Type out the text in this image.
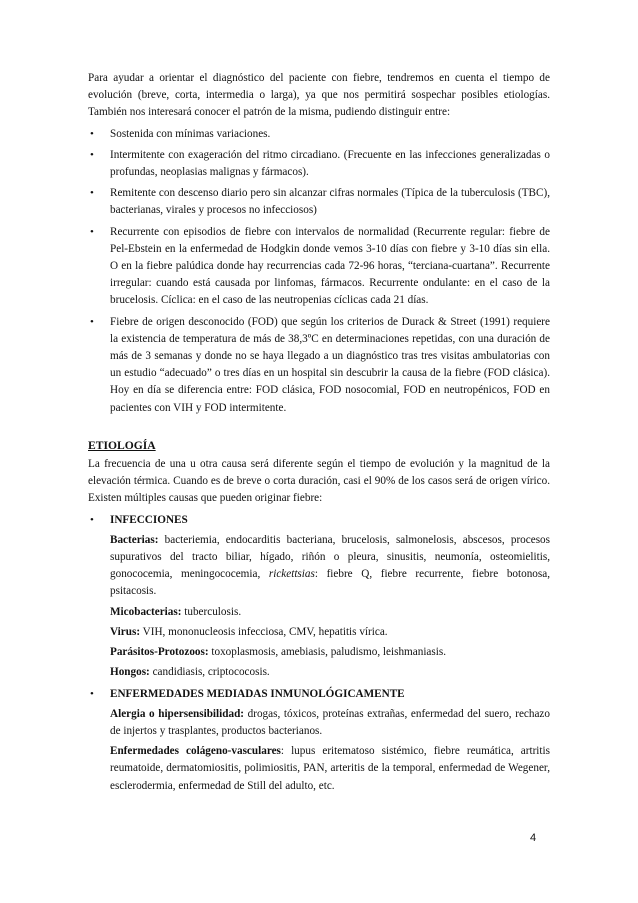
Para ayudar a orientar el diagnóstico del paciente con fiebre, tendremos en cuenta el tiempo de evolución (breve, corta, intermedia o larga), ya que nos permitirá sospechar posibles etiologías. También nos interesará conocer el patrón de la misma, pudiendo distinguir entre:

• Sostenida con mínimas variaciones.
• Intermitente con exageración del ritmo circadiano. (Frecuente en las infecciones generalizadas o profundas, neoplasias malignas y fármacos).
• Remitente con descenso diario pero sin alcanzar cifras normales (Típica de la tuberculosis (TBC), bacterianas, virales y procesos no infecciosos)
• Recurrente con episodios de fiebre con intervalos de normalidad (Recurrente regular: fiebre de Pel-Ebstein en la enfermedad de Hodgkin donde vemos 3-10 días con fiebre y 3-10 días sin ella. O en la fiebre palúdica donde hay recurrencias cada 72-96 horas, “terciana-cuartana”. Recurrente irregular: cuando está causada por linfomas, fármacos. Recurrente ondulante: en el caso de la brucelosis. Cíclica: en el caso de las neutropenias cíclicas cada 21 días.
• Fiebre de origen desconocido (FOD) que según los criterios de Durack & Street (1991) requiere la existencia de temperatura de más de 38,3ºC en determinaciones repetidas, con una duración de más de 3 semanas y donde no se haya llegado a un diagnóstico tras tres visitas ambulatorias con un estudio “adecuado” o tres días en un hospital sin descubrir la causa de la fiebre (FOD clásica). Hoy en día se diferencia entre: FOD clásica, FOD nosocomial, FOD en neutropénicos, FOD en pacientes con VIH y FOD intermitente.
ETIOLOGÍA

La frecuencia de una u otra causa será diferente según el tiempo de evolución y la magnitud de la elevación térmica. Cuando es de breve o corta duración, casi el 90% de los casos será de origen vírico. Existen múltiples causas que pueden originar fiebre:

• INFECCIONES
Bacterias: bacteriemia, endocarditis bacteriana, brucelosis, salmonelosis, abscesos, procesos supurativos del tracto biliar, hígado, riñón o pleura, sinusitis, neumonía, osteomielitis, gonococemia, meningococemia, rickettsias: fiebre Q, fiebre recurrente, fiebre botonosa, psitacosis.
Micobacterias: tuberculosis.
Virus: VIH, mononucleosis infecciosa, CMV, hepatitis vírica.
Parásitos-Protozoos: toxoplasmosis, amebiasis, paludismo, leishmaniasis.
Hongos: candidiasis, criptococosis.
• ENFERMEDADES MEDIADAS INMUNOLÓGICAMENTE
Alergia o hipersensibilidad: drogas, tóxicos, proteínas extrañas, enfermedad del suero, rechazo de injertos y trasplantes, productos bacterianos.
Enfermedades colágeno-vasculares: lupus eritematoso sistémico, fiebre reumática, artritis reumatoide, dermatomiositis, polimiositis, PAN, arteritis de la temporal, enfermedad de Wegener, esclerodermia, enfermedad de Still del adulto, etc.
4
